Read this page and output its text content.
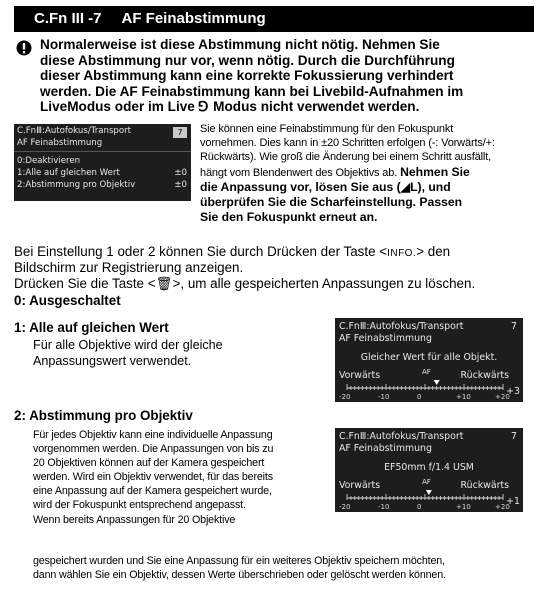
C.Fn III -7 AF Feinabstimmung
Normalerweise ist diese Abstimmung nicht nötig. Nehmen Sie
diese Abstimmung nur vor, wenn nötig. Durch die Durchführung
dieser Abstimmung kann eine korrekte Fokussierung verhindert
werden. Die AF Feinabstimmung kann bei Livebild-Aufnahmen im
LiveModus oder im Live ⅁ Modus nicht verwendet werden.
C.FnⅢ:Autofokus/Transport	7
AF Feinabstimmung
0:Deaktivieren
1:Alle auf gleichen Wert	±0
2:Abstimmung pro Objektiv	±0
Sie können eine Feinabstimmung für den Fokuspunkt
vornehmen. Dies kann in ±20 Schritten erfolgen (-: Vorwärts/+:
Rückwärts). Wie groß die Änderung bei einem Schritt ausfällt,
hängt vom Blendenwert des Objektivs ab. Nehmen Sie
die Anpassung vor, lösen Sie aus (◢L), und
überprüfen Sie die Scharfeinstellung. Passen
Sie den Fokuspunkt erneut an.
Bei Einstellung 1 oder 2 können Sie durch Drücken der Taste <INFO.> den
Bildschirm zur Registrierung anzeigen.
Drücken Sie die Taste <🗑︎>, um alle gespeicherten Anpassungen zu löschen.
0: Ausgeschaltet
1: Alle auf gleichen Wert
Für alle Objektive wird der gleiche
Anpassungswert verwendet.
2: Abstimmung pro Objektiv
Für jedes Objektiv kann eine individuelle Anpassung
vorgenommen werden. Die Anpassungen von bis zu
20 Objektiven können auf der Kamera gespeichert
werden. Wird ein Objektiv verwendet, für das bereits
eine Anpassung auf der Kamera gespeichert wurde,
wird der Fokuspunkt entsprechend angepasst.
Wenn bereits Anpassungen für 20 Objektive
gespeichert wurden und Sie eine Anpassung für ein weiteres Objektiv speichern möchten,
dann wählen Sie ein Objektiv, dessen Werte überschrieben oder gelöscht werden können.
C.FnⅢ:Autofokus/Transport	7
AF Feinabstimmung
Gleicher Wert für alle Objekt.
Vorwärts	AF	Rückwärts
+3
-20	-10	0	+10	+20
C.FnⅢ:Autofokus/Transport	7
AF Feinabstimmung
EF50mm f/1.4 USM
Vorwärts	AF	Rückwärts
+1
-20	-10	0	+10	+20
